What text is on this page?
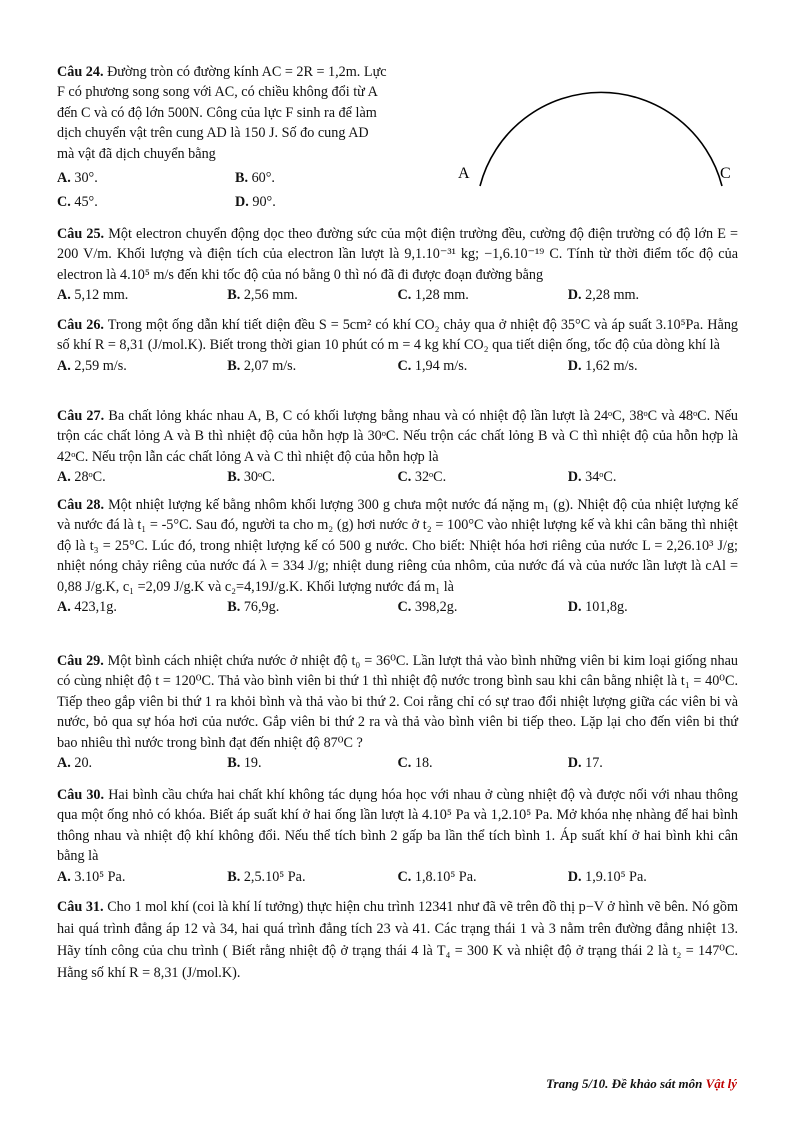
Câu 24. Đường tròn có đường kính AC = 2R = 1,2m. Lực

F có phương song song với AC, có chiều không đổi từ A

đến C và có độ lớn 500N. Công của lực F sinh ra để làm

dịch chuyển vật trên cung AD là 150 J. Số đo cung AD

mà vật đã dịch chuyển bằng

A. 30°.	B. 60°.
C. 45°.	D. 90°.
A	C

Câu 25. Một electron chuyển động dọc theo đường sức của một điện trường đều, cường độ điện trường có độ lớn E = 200 V/m. Khối lượng và điện tích của electron lần lượt là 9,1.10⁻³¹ kg; −1,6.10⁻¹⁹ C. Tính từ thời điểm tốc độ của electron là 4.10⁵ m/s đến khi tốc độ của nó bằng 0 thì nó đã đi được đoạn đường bằng

A. 5,12 mm.	B. 2,56 mm.	C. 1,28 mm.	D. 2,28 mm.

Câu 26. Trong một ống dẫn khí tiết diện đều S = 5cm² có khí CO₂ chảy qua ở nhiệt độ 35°C và áp suất 3.10⁵Pa. Hằng số khí R = 8,31 (J/mol.K). Biết trong thời gian 10 phút có m = 4 kg khí CO₂ qua tiết diện ống, tốc độ của dòng khí là

A. 2,59 m/s.	B. 2,07 m/s.	C. 1,94 m/s.	D. 1,62 m/s.

Câu 27. Ba chất lỏng khác nhau A, B, C có khối lượng bằng nhau và có nhiệt độ lần lượt là 24ᵒC, 38ᵒC và 48ᵒC. Nếu trộn các chất lỏng A và B thì nhiệt độ của hỗn hợp là 30ᵒC. Nếu trộn các chất lỏng B và C thì nhiệt độ của hỗn hợp là 42ᵒC. Nếu trộn lẫn các chất lỏng A và C thì nhiệt độ của hỗn hợp là

A. 28ᵒC.	B. 30ᵒC.	C. 32ᵒC.	D. 34ᵒC.

Câu 28. Một nhiệt lượng kế bằng nhôm khối lượng 300 g chưa một nước đá nặng m₁ (g). Nhiệt độ của nhiệt lượng kế và nước đá là t₁ = -5°C. Sau đó, người ta cho m₂ (g) hơi nước ở t₂ = 100°C vào nhiệt lượng kế và khi cân băng thì nhiệt độ là t₃ = 25°C. Lúc đó, trong nhiệt lượng kế có 500 g nước. Cho biết: Nhiệt hóa hơi riêng của nước L = 2,26.10³ J/g; nhiệt nóng chảy riêng của nước đá λ = 334 J/g; nhiệt dung riêng của nhôm, của nước đá và của nước lần lượt là cAl = 0,88 J/g.K, c₁ =2,09 J/g.K và c₂=4,19J/g.K. Khối lượng nước đá m₁ là

A. 423,1g.	B. 76,9g.	C. 398,2g.	D. 101,8g.

Câu 29. Một bình cách nhiệt chứa nước ở nhiệt độ t₀ = 36⁰C. Lần lượt thả vào bình những viên bi kim loại giống nhau có cùng nhiệt độ t = 120⁰C. Thả vào bình viên bi thứ 1 thì nhiệt độ nước trong bình sau khi cân bằng nhiệt là t₁ = 40⁰C. Tiếp theo gắp viên bi thứ 1 ra khỏi bình và thả vào bi thứ 2. Coi rằng chỉ có sự trao đổi nhiệt lượng giữa các viên bi và nước, bỏ qua sự hóa hơi của nước. Gắp viên bi thứ 2 ra và thả vào bình viên bi tiếp theo. Lặp lại cho đến viên bi thứ bao nhiêu thì nước trong bình đạt đến nhiệt độ 87⁰C ?

A. 20.	B. 19.	C. 18.	D. 17.

Câu 30. Hai bình cầu chứa hai chất khí không tác dụng hóa học với nhau ở cùng nhiệt độ và được nối với nhau thông qua một ống nhỏ có khóa. Biết áp suất khí ở hai ống lần lượt là 4.10⁵ Pa và 1,2.10⁵ Pa. Mở khóa nhẹ nhàng để hai bình thông nhau và nhiệt độ khí không đổi. Nếu thể tích bình 2 gấp ba lần thể tích bình 1. Áp suất khí ở hai bình khi cân bằng là

A. 3.10⁵ Pa.	B. 2,5.10⁵ Pa.	C. 1,8.10⁵ Pa.	D. 1,9.10⁵ Pa.

Câu 31. Cho 1 mol khí (coi là khí lí tưởng) thực hiện chu trình 12341 như đã vẽ trên đồ thị p−V ở hình vẽ bên. Nó gồm hai quá trình đẳng áp 12 và 34, hai quá trình đẳng tích 23 và 41. Các trạng thái 1 và 3 nằm trên đường đẳng nhiệt 13. Hãy tính công của chu trình ( Biết rằng nhiệt độ ở trạng thái 4 là T₄ = 300 K và nhiệt độ ở trạng thái 2 là t₂ = 147⁰C. Hằng số khí R = 8,31 (J/mol.K).

Trang 5/10. Đề khảo sát môn Vật lý
